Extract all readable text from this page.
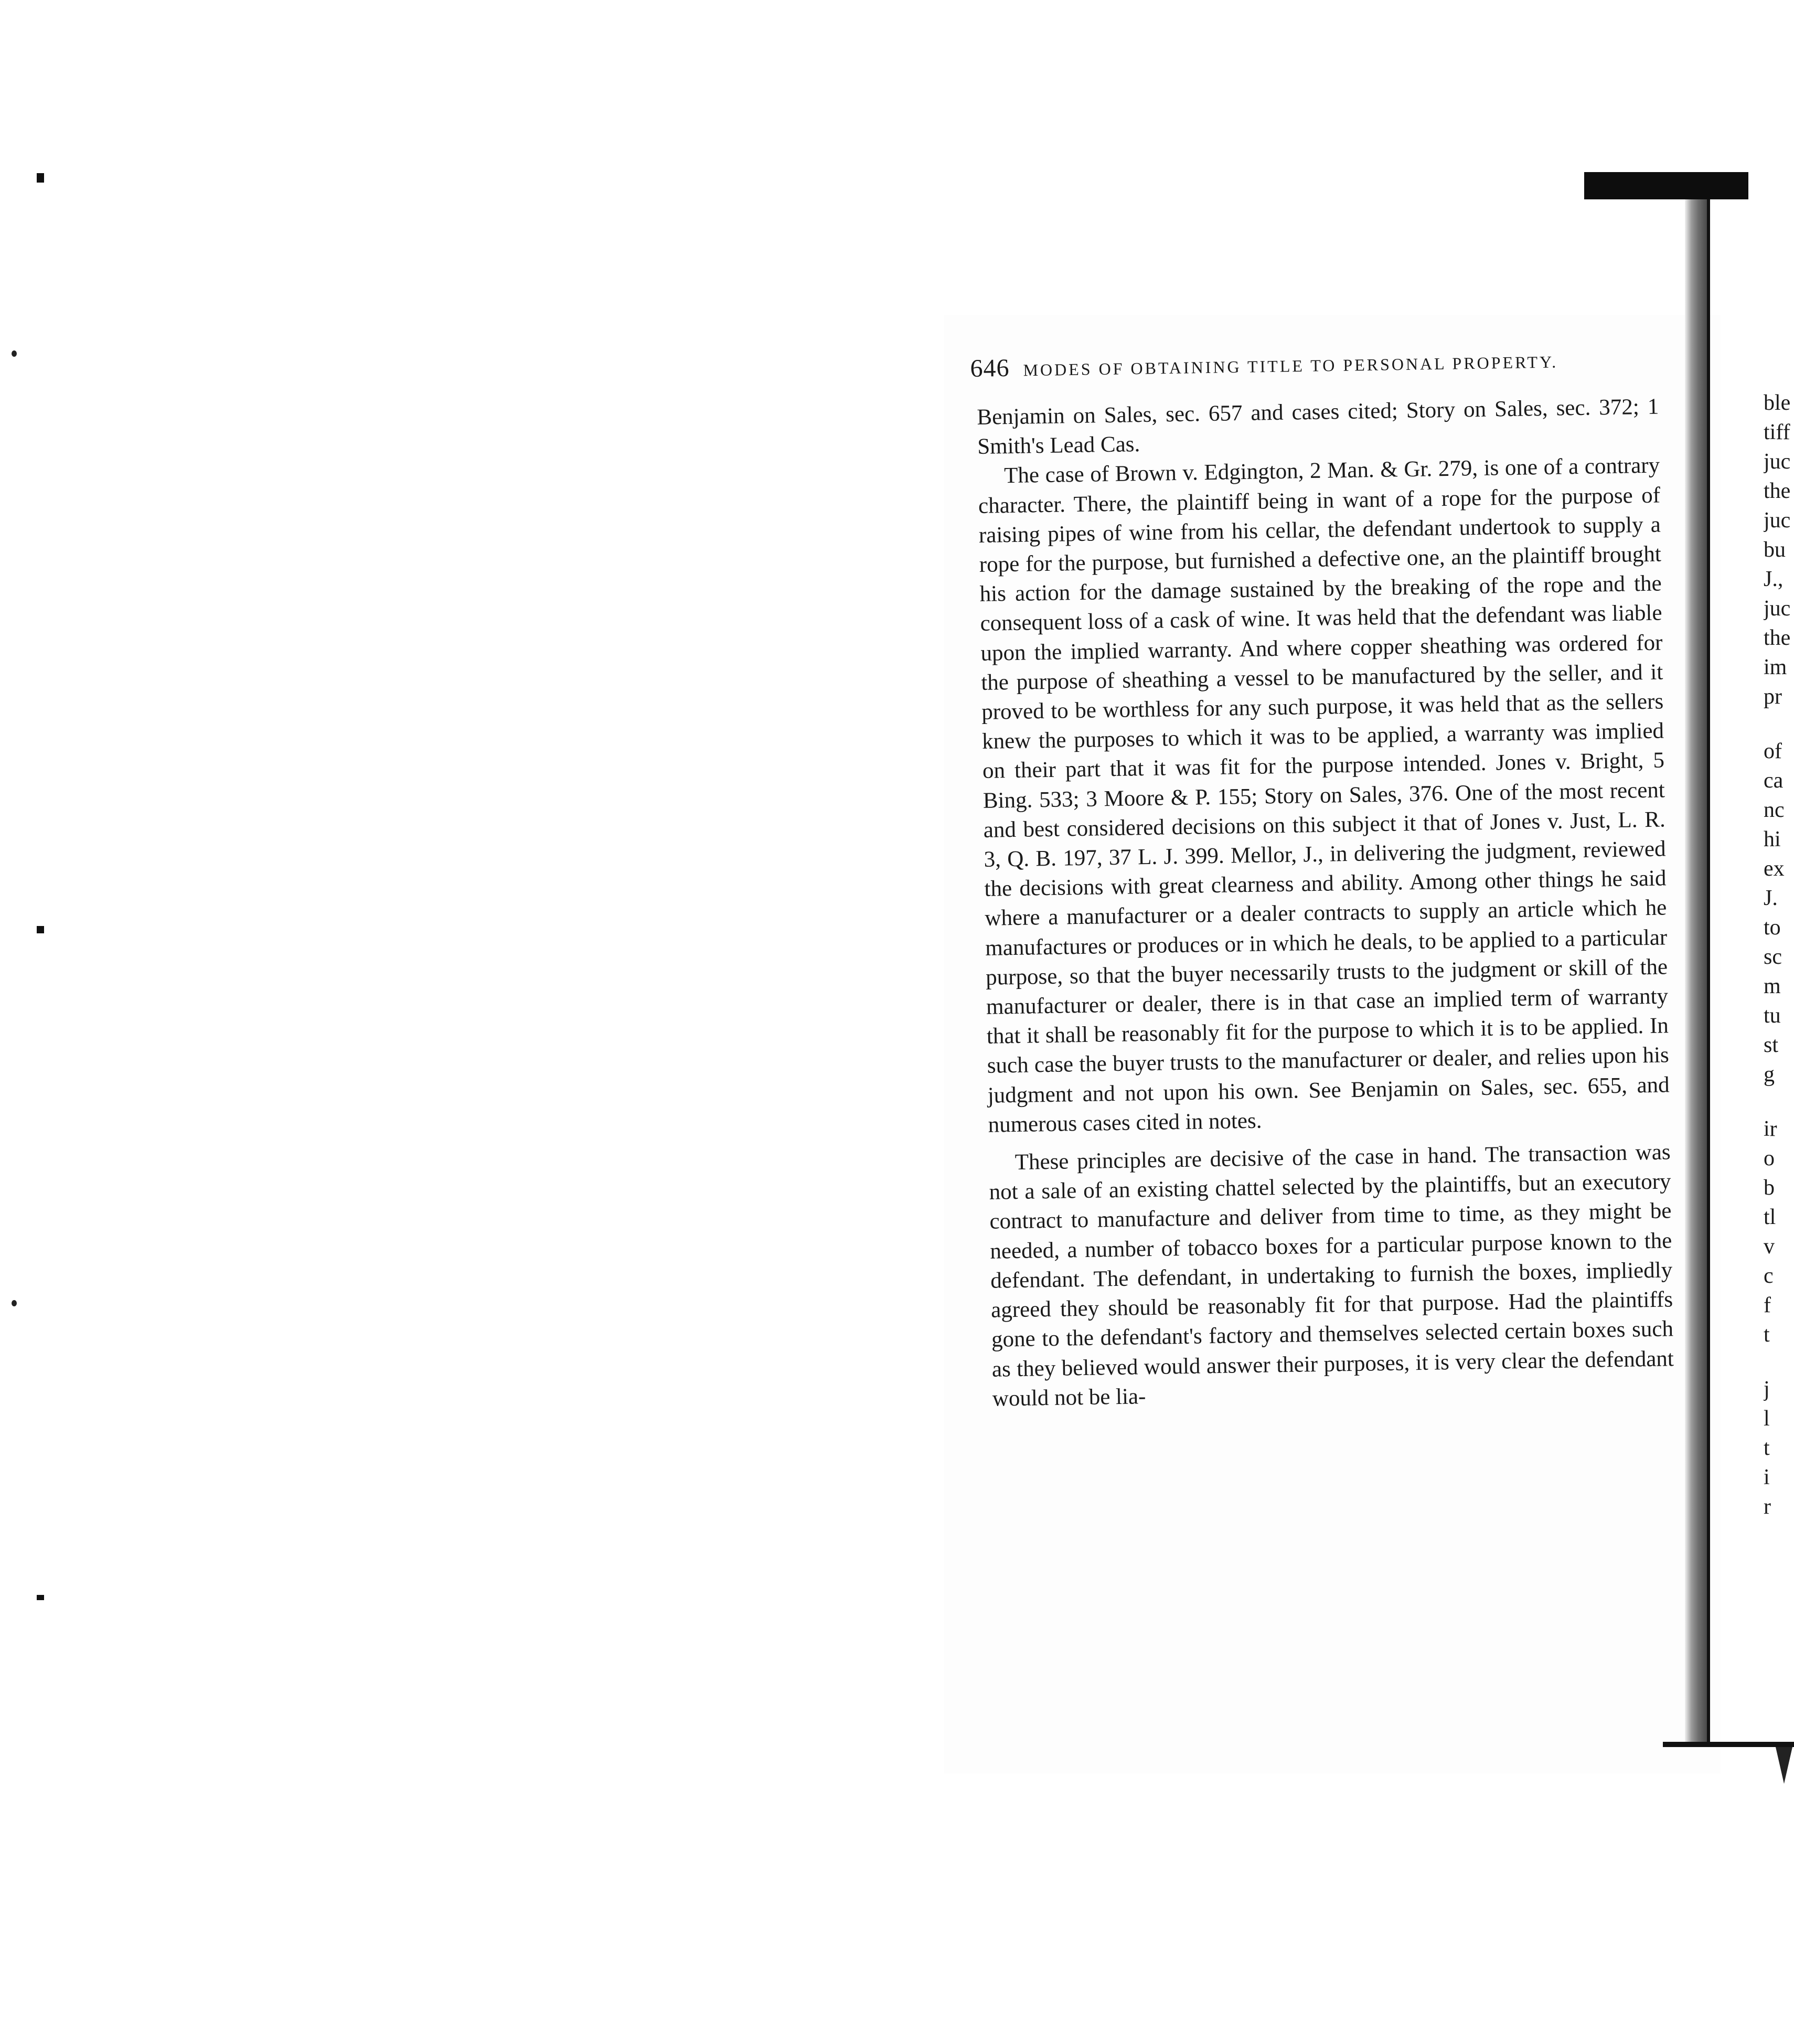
646 MODES OF OBTAINING TITLE TO PERSONAL PROPERTY.

Benjamin on Sales, sec. 657 and cases cited; Story on Sales, sec. 372; 1 Smith's Lead Cas.

The case of Brown v. Edgington, 2 Man. & Gr. 279, is one of a contrary character. There, the plaintiff being in want of a rope for the purpose of raising pipes of wine from his cellar, the defendant undertook to supply a rope for the purpose, but furnished a defective one, an the plaintiff brought his action for the damage sustained by the breaking of the rope and the consequent loss of a cask of wine. It was held that the defendant was liable upon the implied warranty. And where copper sheathing was ordered for the purpose of sheathing a vessel to be manufactured by the seller, and it proved to be worthless for any such purpose, it was held that as the sellers knew the purposes to which it was to be applied, a warranty was implied on their part that it was fit for the purpose intended. Jones v. Bright, 5 Bing. 533; 3 Moore & P. 155; Story on Sales, 376. One of the most recent and best considered decisions on this subject it that of Jones v. Just, L. R. 3, Q. B. 197, 37 L. J. 399. Mellor, J., in delivering the judgment, reviewed the decisions with great clearness and ability. Among other things he said where a manufacturer or a dealer contracts to supply an article which he manufactures or produces or in which he deals, to be applied to a particular purpose, so that the buyer necessarily trusts to the judgment or skill of the manufacturer or dealer, there is in that case an implied term of warranty that it shall be reasonably fit for the purpose to which it is to be applied. In such case the buyer trusts to the manufacturer or dealer, and relies upon his judgment and not upon his own. See Benjamin on Sales, sec. 655, and numerous cases cited in notes.

These principles are decisive of the case in hand. The transaction was not a sale of an existing chattel selected by the plaintiffs, but an executory contract to manufacture and deliver from time to time, as they might be needed, a number of tobacco boxes for a particular purpose known to the defendant. The defendant, in undertaking to furnish the boxes, impliedly agreed they should be reasonably fit for that purpose. Had the plaintiffs gone to the defendant's factory and themselves selected certain boxes such as they believed would answer their purposes, it is very clear the defendant would not be lia-

ble
tiff
juc
the
juc
bu
J.,
juc
the
im
pr
of
ca
nc
hi
ex
J.
to
sc
m
tu
st
g
ir
o
b
tl
v
c
f
t
j
l
t
i
r
